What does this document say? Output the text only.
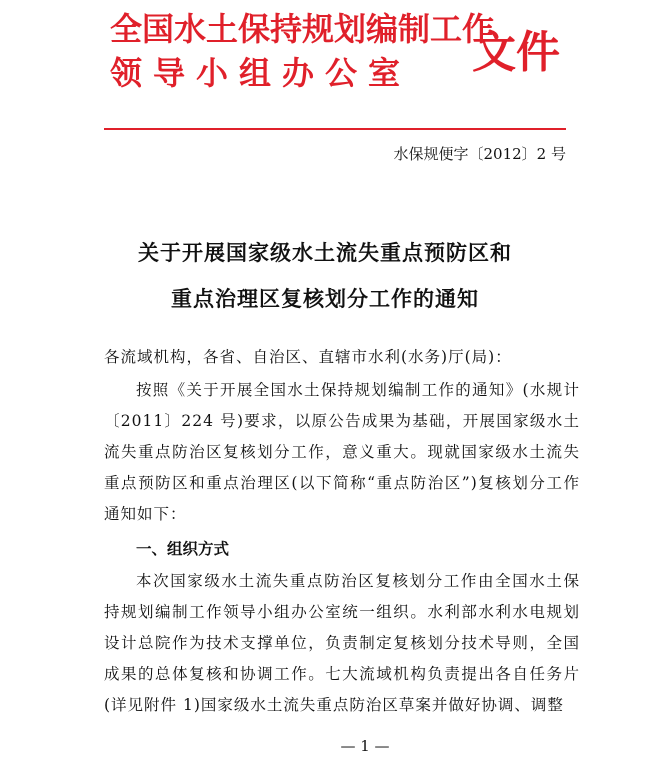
全国水土保持规划编制工作
领导小组办公室 文件
水保规便字〔2012〕2 号
关于开展国家级水土流失重点预防区和
重点治理区复核划分工作的通知

各流域机构，各省、自治区、直辖市水利(水务)厅(局)：

按照《关于开展全国水土保持规划编制工作的通知》(水规计〔2011〕224 号)要求，以原公告成果为基础，开展国家级水土流失重点防治区复核划分工作，意义重大。现就国家级水土流失重点预防区和重点治理区(以下简称“重点防治区”)复核划分工作通知如下：

一、组织方式

本次国家级水土流失重点防治区复核划分工作由全国水土保持规划编制工作领导小组办公室统一组织。水利部水利水电规划设计总院作为技术支撑单位，负责制定复核划分技术导则，全国成果的总体复核和协调工作。七大流域机构负责提出各自任务片(详见附件 1)国家级水土流失重点防治区草案并做好协调、调整

— 1 —
